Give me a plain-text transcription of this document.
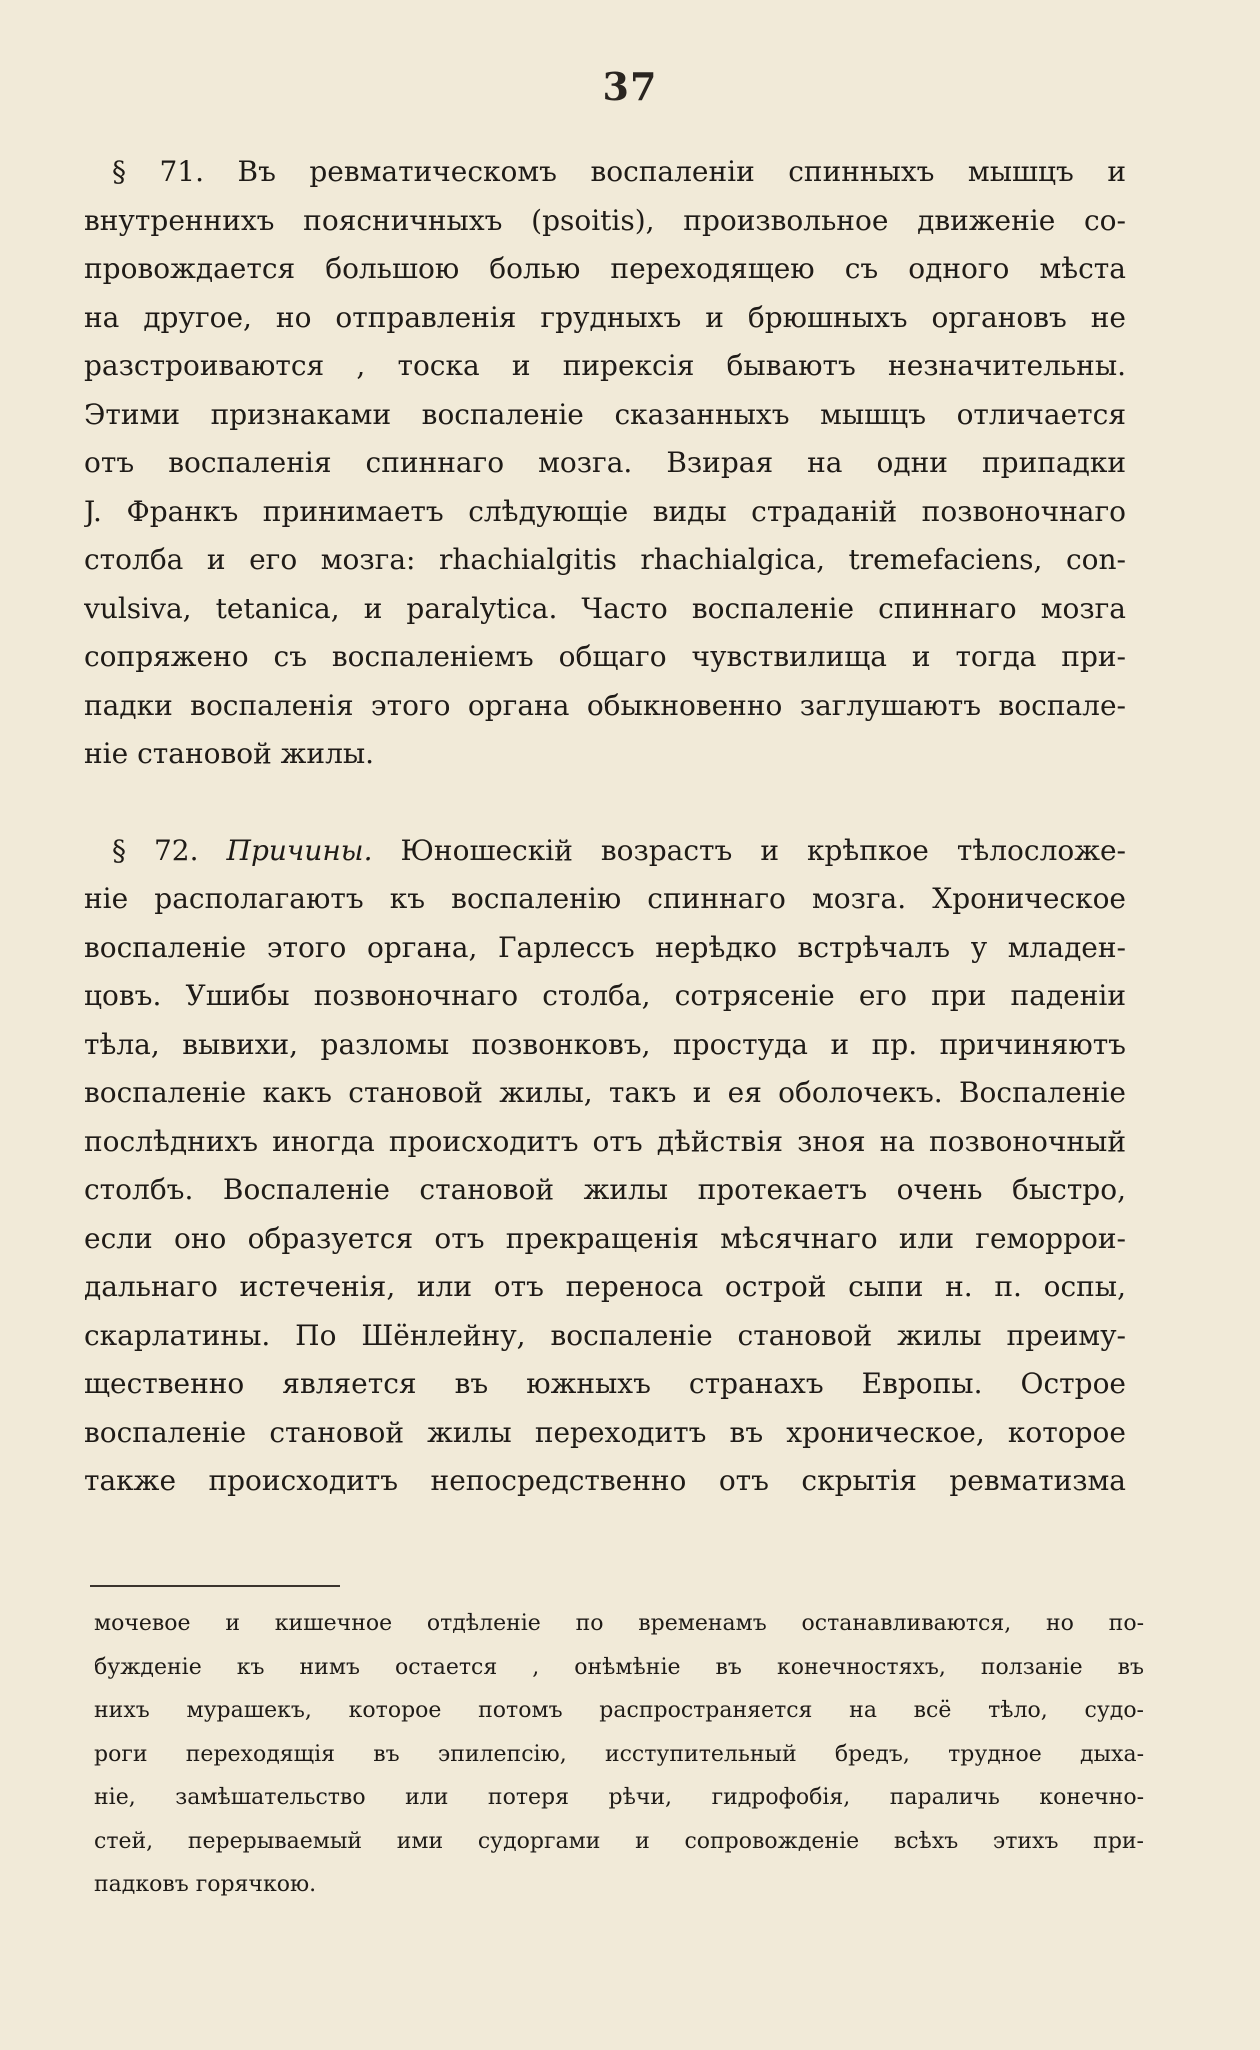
37
§ 71. Въ ревматическомъ воспаленіи спинныхъ мышцъ и
внутреннихъ поясничныхъ (psoitis), произвольное движеніе со-
провождается большою болью переходящею съ одного мѣста
на другое, но отправленія грудныхъ и брюшныхъ органовъ не
разстроиваются , тоска и пирексія бываютъ незначительны.
Этими признаками воспаленіе сказанныхъ мышцъ отличается
отъ воспаленія спиннаго мозга. Взирая на одни припадки
J. Франкъ принимаетъ слѣдующіе виды страданій позвоночнаго
столба и его мозга: rhachialgitis rhachialgica, tremefaciens, con-
vulsiva, tetanica, и paralytica. Часто воспаленіе спиннаго мозга
сопряжено съ воспаленіемъ общаго чувствилища и тогда при-
падки воспаленія этого органа обыкновенно заглушаютъ воспале-
ніе становой жилы.
§ 72. Причины. Юношескій возрастъ и крѣпкое тѣлосложе-
ніе располагаютъ къ воспаленію спиннаго мозга. Хроническое
воспаленіе этого органа, Гарлессъ нерѣдко встрѣчалъ у младен-
цовъ. Ушибы позвоночнаго столба, сотрясеніе его при паденіи
тѣла, вывихи, разломы позвонковъ, простуда и пр. причиняютъ
воспаленіе какъ становой жилы, такъ и ея оболочекъ. Воспаленіе
послѣднихъ иногда происходитъ отъ дѣйствія зноя на позвоночный
столбъ. Воспаленіе становой жилы протекаетъ очень быстро,
если оно образуется отъ прекращенія мѣсячнаго или геморрои-
дальнаго истеченія, или отъ переноса острой сыпи н. п. оспы,
скарлатины. По Шёнлейну, воспаленіе становой жилы преиму-
щественно является въ южныхъ странахъ Европы. Острое
воспаленіе становой жилы переходитъ въ хроническое, которое
также происходитъ непосредственно отъ скрытія ревматизма
мочевое и кишечное отдѣленіе по временамъ останавливаются, но по-
бужденіе къ нимъ остается , онѣмѣніе въ конечностяхъ, ползаніе въ
нихъ мурашекъ, которое потомъ распространяется на всё тѣло, судо-
роги переходящія въ эпилепсію, исступительный бредъ, трудное дыха-
ніе, замѣшательство или потеря рѣчи, гидрофобія, параличь конечно-
стей, перерываемый ими судоргами и сопровожденіе всѣхъ этихъ при-
падковъ горячкою.
